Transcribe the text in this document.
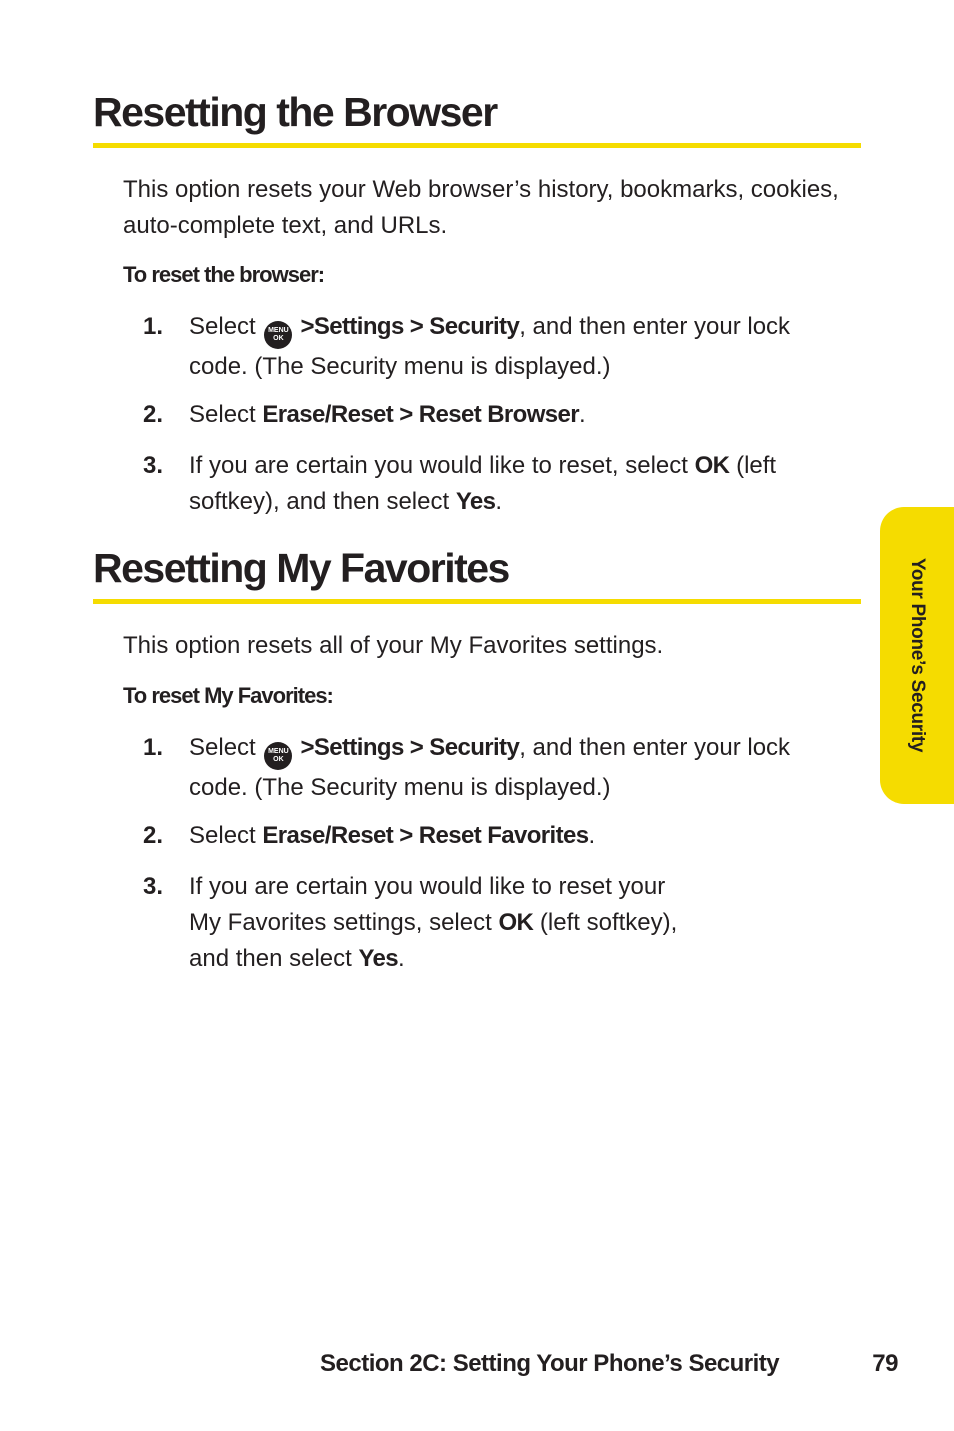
Resetting the Browser

This option resets your Web browser’s history, bookmarks, cookies, auto-complete text, and URLs.

To reset the browser:

1. Select MENU
OK >Settings > Security, and then enter your lock code. (The Security menu is displayed.)
2. Select Erase/Reset > Reset Browser.
3. If you are certain you would like to reset, select OK (left softkey), and then select Yes.
Resetting My Favorites

This option resets all of your My Favorites settings.

To reset My Favorites:

1. Select MENU
OK >Settings > Security, and then enter your lock code. (The Security menu is displayed.)
2. Select Erase/Reset > Reset Favorites.
3. If you are certain you would like to reset your
My Favorites settings, select OK (left softkey),
and then select Yes.
Your Phone’s Security
Section 2C: Setting Your Phone’s Security	79
